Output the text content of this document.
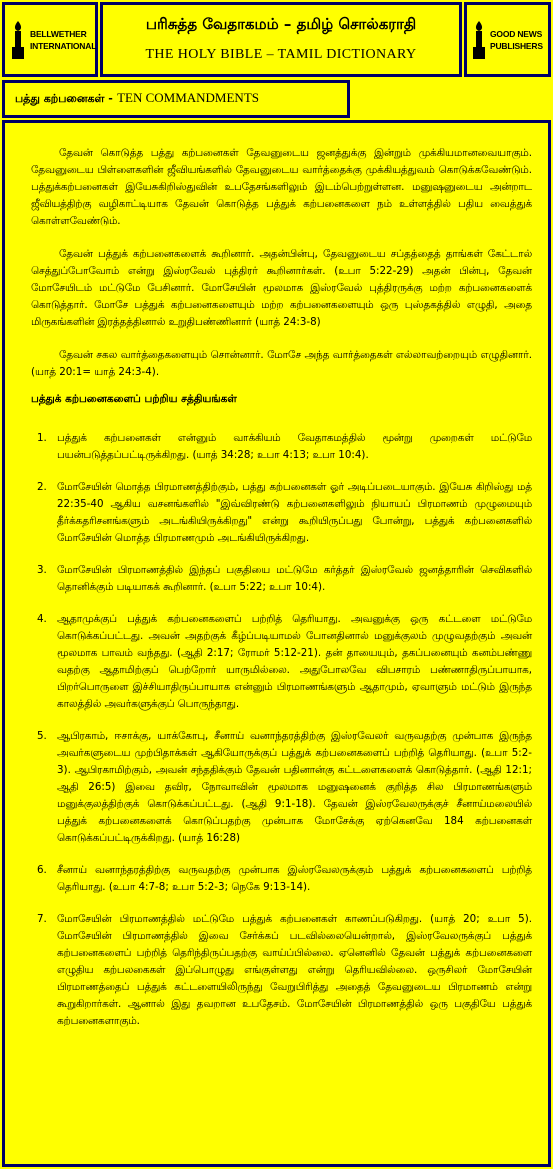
BELLWETHER
INTERNATIONAL
பரிசுத்த வேதாகமம் – தமிழ் சொல்கராதி
THE HOLY BIBLE – TAMIL DICTIONARY
GOOD NEWS
PUBLISHERS
பத்து கற்பனைகள் - TEN COMMANDMENTS

தேவன் கொடுத்த பத்து கற்பனைகள் தேவனுடைய ஜனத்துக்கு இன்றும் முக்கியமானவையாகும். தேவனுடைய பிள்ளைகளின் ஜீவியங்களில் தேவனுடைய வார்த்தைக்கு முக்கியத்துவம் கொடுக்கவேண்டும். பத்துக்கற்பனைகள் இயேசுகிறிஸ்துவின் உபதேசங்களிலும் இடம்பெற்றுள்ளன. மனுஷனுடைய அன்றாட ஜீவியத்திற்கு வழிகாட்டியாக தேவன் கொடுத்த பத்துக் கற்பனைகளை நம் உள்ளத்தில் பதிய வைத்துக் கொள்ளவேண்டும்.

தேவன் பத்துக் கற்பனைகளைக் கூறினார். அதன்பின்பு, தேவனுடைய சப்தத்தைத் தாங்கள் கேட்டால் செத்துப்போவோம் என்று இஸ்ரவேல் புத்திரர் கூறினார்கள். (உபா 5:22-29) அதன் பின்பு, தேவன் மோசேயிடம் மட்டுமே பேசினார். மோசேயின் மூலமாக இஸ்ரவேல் புத்திரருக்கு மற்ற கற்பனைகளைக் கொடுத்தார். மோசே பத்துக் கற்பனைகளையும் மற்ற கற்பனைகளையும் ஒரு புஸ்தகத்தில் எழுதி, அதை மிருகங்களின் இரத்தத்தினால் உறுதிபண்ணினார் (யாத் 24:3-8)

தேவன் சகல வார்த்தைகளையும் சொன்னார். மோசே அந்த வார்த்தைகள் எல்லாவற்றையும் எழுதினார். (யாத் 20:1= யாத் 24:3-4).

பத்துக் கற்பனைகளைப் பற்றிய சத்தியங்கள்
1. பத்துக் கற்பனைகள் என்னும் வாக்கியம் வேதாகமத்தில் மூன்று முறைகள் மட்டுமே பயன்படுத்தப்பட்டிருக்கிறது. (யாத் 34:28; உபா 4:13; உபா 10:4).
2. மோசேயின் மொத்த பிரமாணத்திற்கும், பத்து கற்பனைகள் ஓர் அடிப்படையாகும். இயேசு கிறிஸ்து மத் 22:35-40 ஆகிய வசனங்களில் "இவ்விரண்டு கற்பனைகளிலும் நியாயப் பிரமாணம் முழுமையும் தீர்க்கதரிசனங்களும் அடங்கியிருக்கிறது" என்று கூறியிருப்பது போன்று, பத்துக் கற்பனைகளில் மோசேயின் மொத்த பிரமாணமும் அடங்கியிருக்கிறது.
3. மோசேயின் பிரமாணத்தில் இந்தப் பகுதியை மட்டுமே கர்த்தர் இஸ்ரவேல் ஜனத்தாரின் செவிகளில் தொனிக்கும் படியாகக் கூறினார். (உபா 5:22; உபா 10:4).
4. ஆதாமுக்குப் பத்துக் கற்பனைகளைப் பற்றித் தெரியாது. அவனுக்கு ஒரு கட்டளை மட்டுமே கொடுக்கப்பட்டது. அவன் அதற்குக் கீழ்ப்படியாமல் போனதினால் மனுக்குலம் முழுவதற்கும் அவன் மூலமாக பாவம் வந்தது. (ஆதி 2:17; ரோமர் 5:12-21). தன் தாயையும், தகப்பனையும் கனம்பண்ணு வதற்கு ஆதாமிற்குப் பெற்றோர் யாருமில்லை. அதுபோலவே விபசாரம் பண்ணாதிருப்பாயாக, பிறர்பொருளை இச்சியாதிருப்பாயாக என்னும் பிரமாணங்களும் ஆதாமும், ஏவாளும் மட்டும் இருந்த காலத்தில் அவர்களுக்குப் பொருந்தாது.
5. ஆபிரகாம், ஈசாக்கு, யாக்கோபு, சீனாய் வனாந்தரத்திற்கு இஸ்ரவேலர் வருவதற்கு முன்பாக இருந்த அவர்களுடைய முற்பிதாக்கள் ஆகியோருக்குப் பத்துக் கற்பனைகளைப் பற்றித் தெரியாது. (உபா 5:2-3). ஆபிரகாமிற்கும், அவன் சந்ததிக்கும் தேவன் பதினான்கு கட்டளைகளைக் கொடுத்தார். (ஆதி 12:1; ஆதி 26:5) இவை தவிர, நோவாவின் மூலமாக மனுஷனைக் குறித்த சில பிரமாணங்களும் மனுக்குலத்திற்குக் கொடுக்கப்பட்டது. (ஆதி 9:1-18). தேவன் இஸ்ரவேலருக்குச் சீனாய்மலையில் பத்துக் கற்பனைகளைக் கொடுப்பதற்கு முன்பாக மோசேக்கு ஏற்கெனவே 184 கற்பனைகள் கொடுக்கப்பட்டிருக்கிறது. (யாத் 16:28)
6. சீனாய் வனாந்தரத்திற்கு வருவதற்கு முன்பாக இஸ்ரவேலருக்கும் பத்துக் கற்பனைகளைப் பற்றித் தெரியாது. (உபா 4:7-8; உபா 5:2-3; நெகே 9:13-14).
7. மோசேயின் பிரமாணத்தில் மட்டுமே பத்துக் கற்பனைகள் காணப்படுகிறது. (யாத் 20; உபா 5). மோசேயின் பிரமாணத்தில் இவை சேர்க்கப் படவில்லையென்றால், இஸ்ரவேலருக்குப் பத்துக் கற்பனைகளைப் பற்றித் தெரிந்திருப்பதற்கு வாய்ப்பில்லை. ஏனெனில் தேவன் பத்துக் கற்பனைகளை எழுதிய கற்பலகைகள் இப்பொழுது எங்குள்ளது என்று தெரியவில்லை. ஒருசிலர் மோசேயின் பிரமாணத்தைப் பத்துக் கட்டளையிலிருந்து வேறுபிரித்து அதைத் தேவனுடைய பிரமாணம் என்று கூறுகிறார்கள். ஆனால் இது தவறான உபதேசம். மோசேயின் பிரமாணத்தில் ஒரு பகுதியே பத்துக் கற்பனைகளாகும்.
